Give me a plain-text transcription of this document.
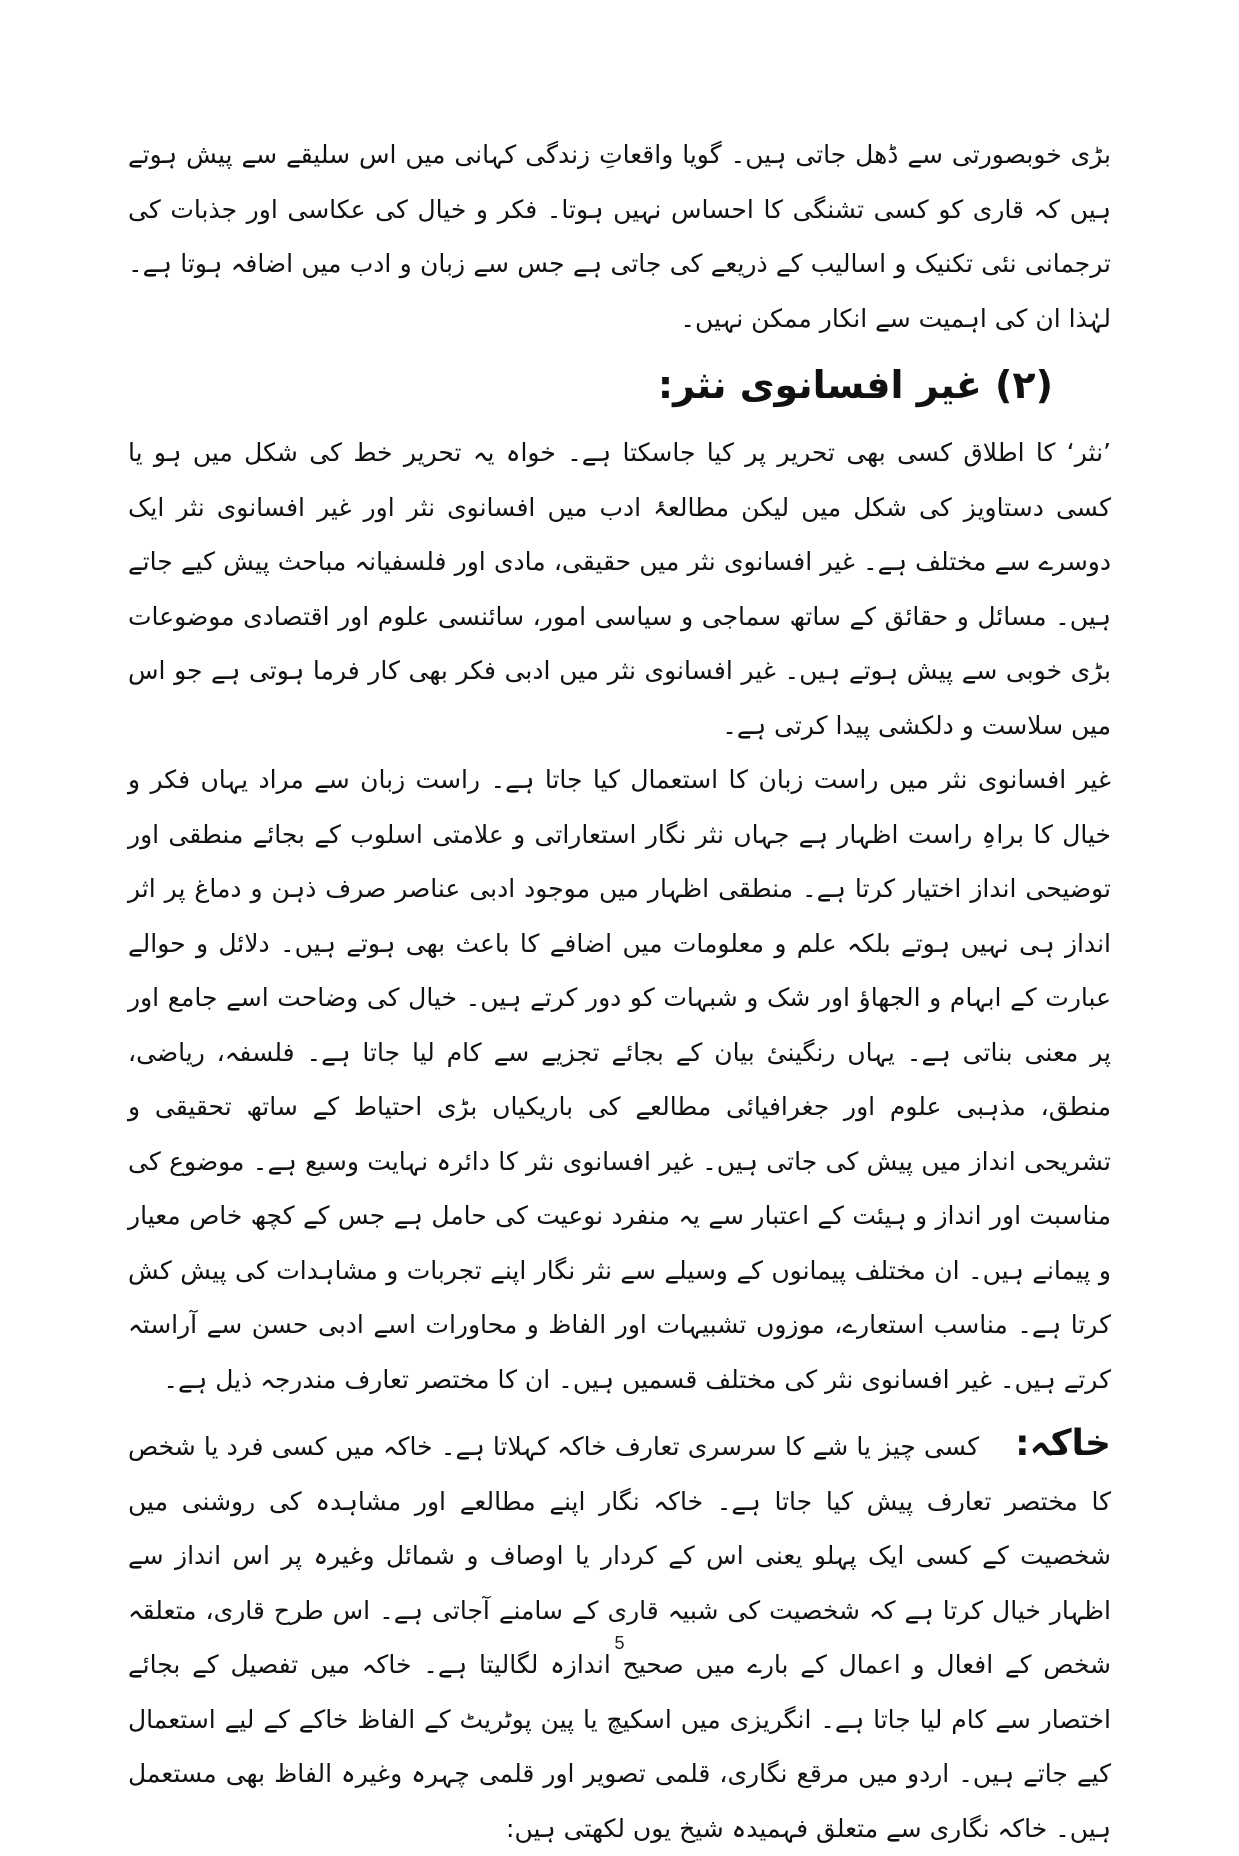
بڑی خوبصورتی سے ڈھل جاتی ہیں۔ گویا واقعاتِ زندگی کہانی میں اس سلیقے سے پیش ہوتے ہیں کہ قاری کو کسی تشنگی کا احساس نہیں ہوتا۔ فکر و خیال کی عکاسی اور جذبات کی ترجمانی نئی تکنیک و اسالیب کے ذریعے کی جاتی ہے جس سے زبان و ادب میں اضافہ ہوتا ہے۔ لہٰذا ان کی اہمیت سے انکار ممکن نہیں۔

(۲) غیر افسانوی نثر:

’نثر‘ کا اطلاق کسی بھی تحریر پر کیا جاسکتا ہے۔ خواہ یہ تحریر خط کی شکل میں ہو یا کسی دستاویز کی شکل میں لیکن مطالعۂ ادب میں افسانوی نثر اور غیر افسانوی نثر ایک دوسرے سے مختلف ہے۔ غیر افسانوی نثر میں حقیقی، مادی اور فلسفیانہ مباحث پیش کیے جاتے ہیں۔ مسائل و حقائق کے ساتھ سماجی و سیاسی امور، سائنسی علوم اور اقتصادی موضوعات بڑی خوبی سے پیش ہوتے ہیں۔ غیر افسانوی نثر میں ادبی فکر بھی کار فرما ہوتی ہے جو اس میں سلاست و دلکشی پیدا کرتی ہے۔

غیر افسانوی نثر میں راست زبان کا استعمال کیا جاتا ہے۔ راست زبان سے مراد یہاں فکر و خیال کا براہِ راست اظہار ہے جہاں نثر نگار استعاراتی و علامتی اسلوب کے بجائے منطقی اور توضیحی انداز اختیار کرتا ہے۔ منطقی اظہار میں موجود ادبی عناصر صرف ذہن و دماغ پر اثر انداز ہی نہیں ہوتے بلکہ علم و معلومات میں اضافے کا باعث بھی ہوتے ہیں۔ دلائل و حوالے عبارت کے ابہام و الجھاؤ اور شک و شبہات کو دور کرتے ہیں۔ خیال کی وضاحت اسے جامع اور پر معنی بناتی ہے۔ یہاں رنگینیٔ بیان کے بجائے تجزیے سے کام لیا جاتا ہے۔ فلسفہ، ریاضی، منطق، مذہبی علوم اور جغرافیائی مطالعے کی باریکیاں بڑی احتیاط کے ساتھ تحقیقی و تشریحی انداز میں پیش کی جاتی ہیں۔ غیر افسانوی نثر کا دائرہ نہایت وسیع ہے۔ موضوع کی مناسبت اور انداز و ہیئت کے اعتبار سے یہ منفرد نوعیت کی حامل ہے جس کے کچھ خاص معیار و پیمانے ہیں۔ ان مختلف پیمانوں کے وسیلے سے نثر نگار اپنے تجربات و مشاہدات کی پیش کش کرتا ہے۔ مناسب استعارے، موزوں تشبیہات اور الفاظ و محاورات اسے ادبی حسن سے آراستہ کرتے ہیں۔ غیر افسانوی نثر کی مختلف قسمیں ہیں۔ ان کا مختصر تعارف مندرجہ ذیل ہے۔

خاکہ:کسی چیز یا شے کا سرسری تعارف خاکہ کہلاتا ہے۔ خاکہ میں کسی فرد یا شخص کا مختصر تعارف پیش کیا جاتا ہے۔ خاکہ نگار اپنے مطالعے اور مشاہدہ کی روشنی میں شخصیت کے کسی ایک پہلو یعنی اس کے کردار یا اوصاف و شمائل وغیرہ پر اس انداز سے اظہار خیال کرتا ہے کہ شخصیت کی شبیہ قاری کے سامنے آجاتی ہے۔ اس طرح قاری، متعلقہ شخص کے افعال و اعمال کے بارے میں صحیح اندازہ لگالیتا ہے۔ خاکہ میں تفصیل کے بجائے اختصار سے کام لیا جاتا ہے۔ انگریزی میں اسکیچ یا پین پوٹریٹ کے الفاظ خاکے کے لیے استعمال کیے جاتے ہیں۔ اردو میں مرقع نگاری، قلمی تصویر اور قلمی چہرہ وغیرہ الفاظ بھی مستعمل ہیں۔ خاکہ نگاری سے متعلق فہمیدہ شیخ یوں لکھتی ہیں:

5
